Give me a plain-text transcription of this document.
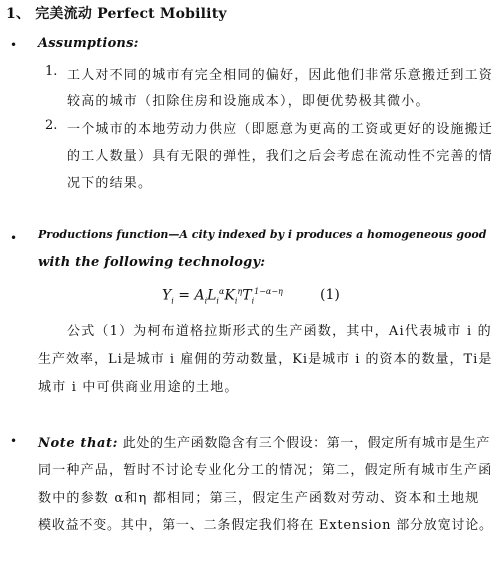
1、 完美流动 Perfect Mobility
• Assumptions:
1. 工人对不同的城市有完全相同的偏好，因此他们非常乐意搬迁到工资
较高的城市（扣除住房和设施成本），即便优势极其微小。
2. 一个城市的本地劳动力供应（即愿意为更高的工资或更好的设施搬迁
的工人数量）具有无限的弹性，我们之后会考虑在流动性不完善的情
况下的结果。
• Productions function—A city indexed by i produces a homogeneous good
with the following technology:
$Y_i = A_iL_i^\alpha K_i^\eta T_i^{1-\alpha-\eta}$	(1)
公式（1）为柯布道格拉斯形式的生产函数，其中，Ai代表城市 i 的
生产效率，Li是城市 i 雇佣的劳动数量，Ki是城市 i 的资本的数量，Ti是
城市 i 中可供商业用途的土地。
• Note that: 此处的生产函数隐含有三个假设：第一，假定所有城市是生产
同一种产品，暂时不讨论专业化分工的情况；第二，假定所有城市生产函
数中的参数 α和η 都相同；第三，假定生产函数对劳动、资本和土地规
模收益不变。其中，第一、二条假定我们将在 Extension 部分放宽讨论。
